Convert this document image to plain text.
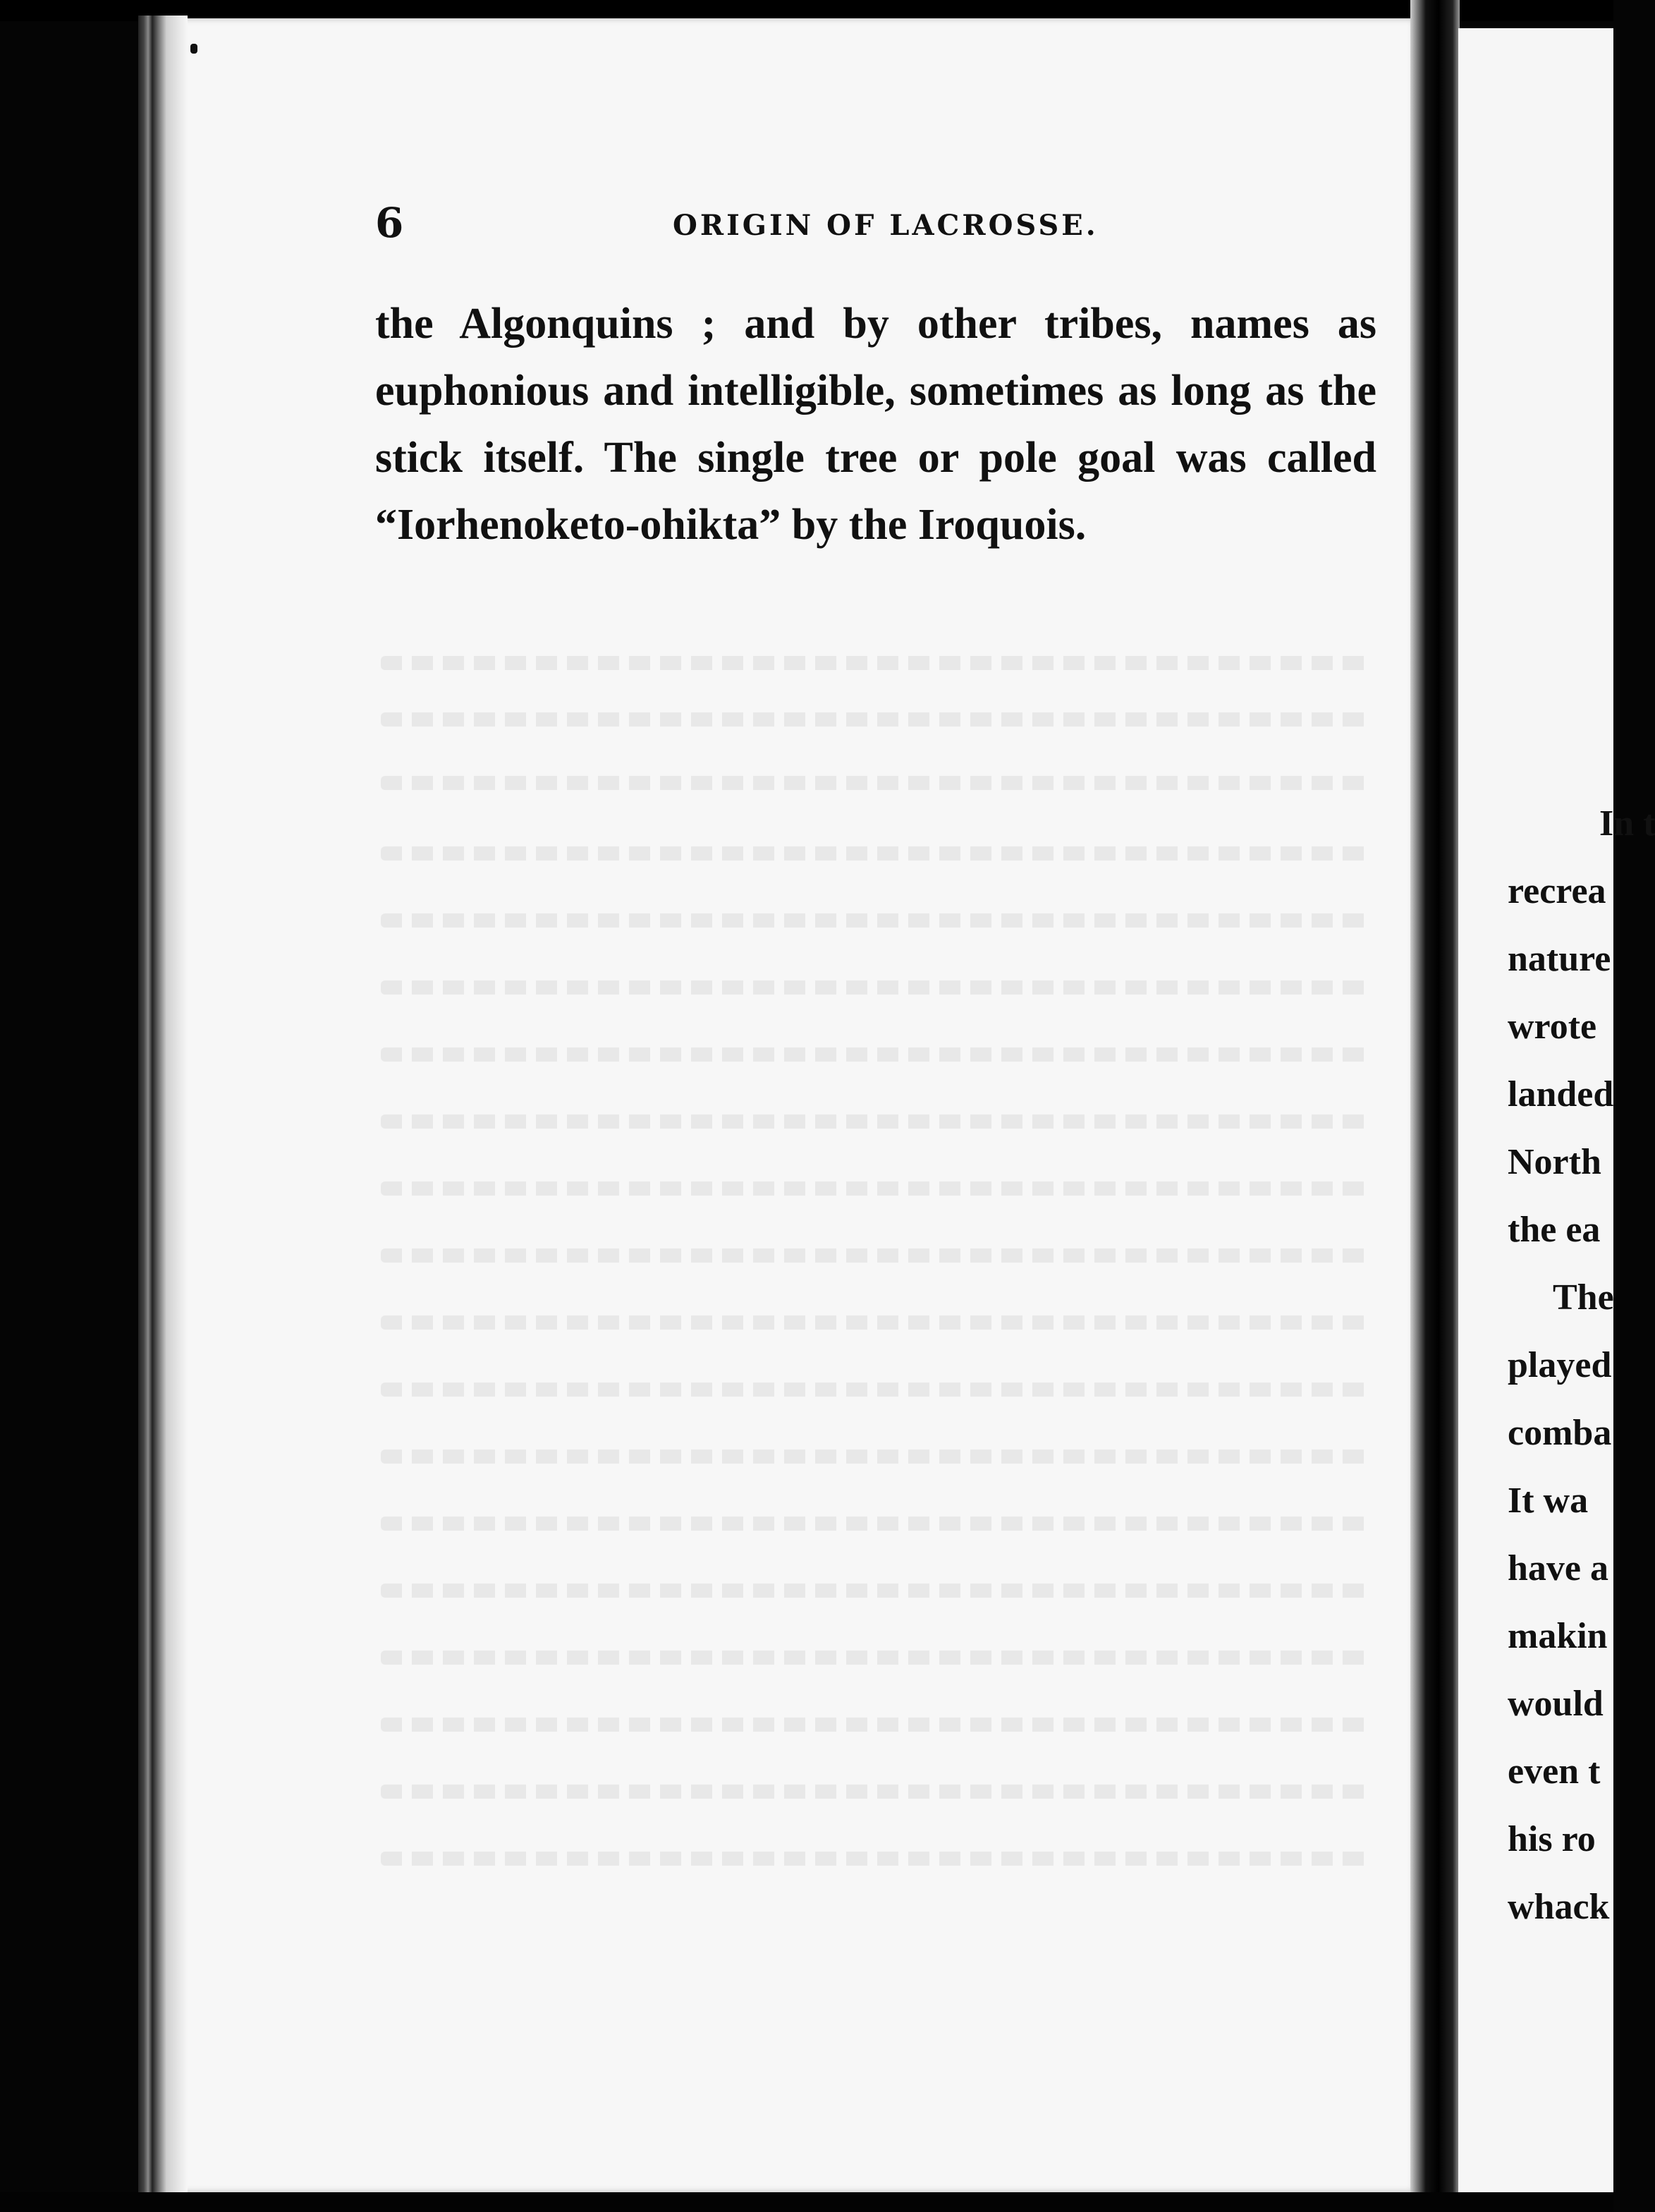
6	ORIGIN OF LACROSSE.
the Algonquins ; and by other tribes, names as
euphonious and intelligible, sometimes as long as the
stick itself. The single tree or pole goal was called
“Iorhenoketo-ohikta” by the Iroquois.
In t
recrea
nature
wrote
landed
North
the ea
The
played
comba
It wa
have a
makin
would
even t
his ro
whack
